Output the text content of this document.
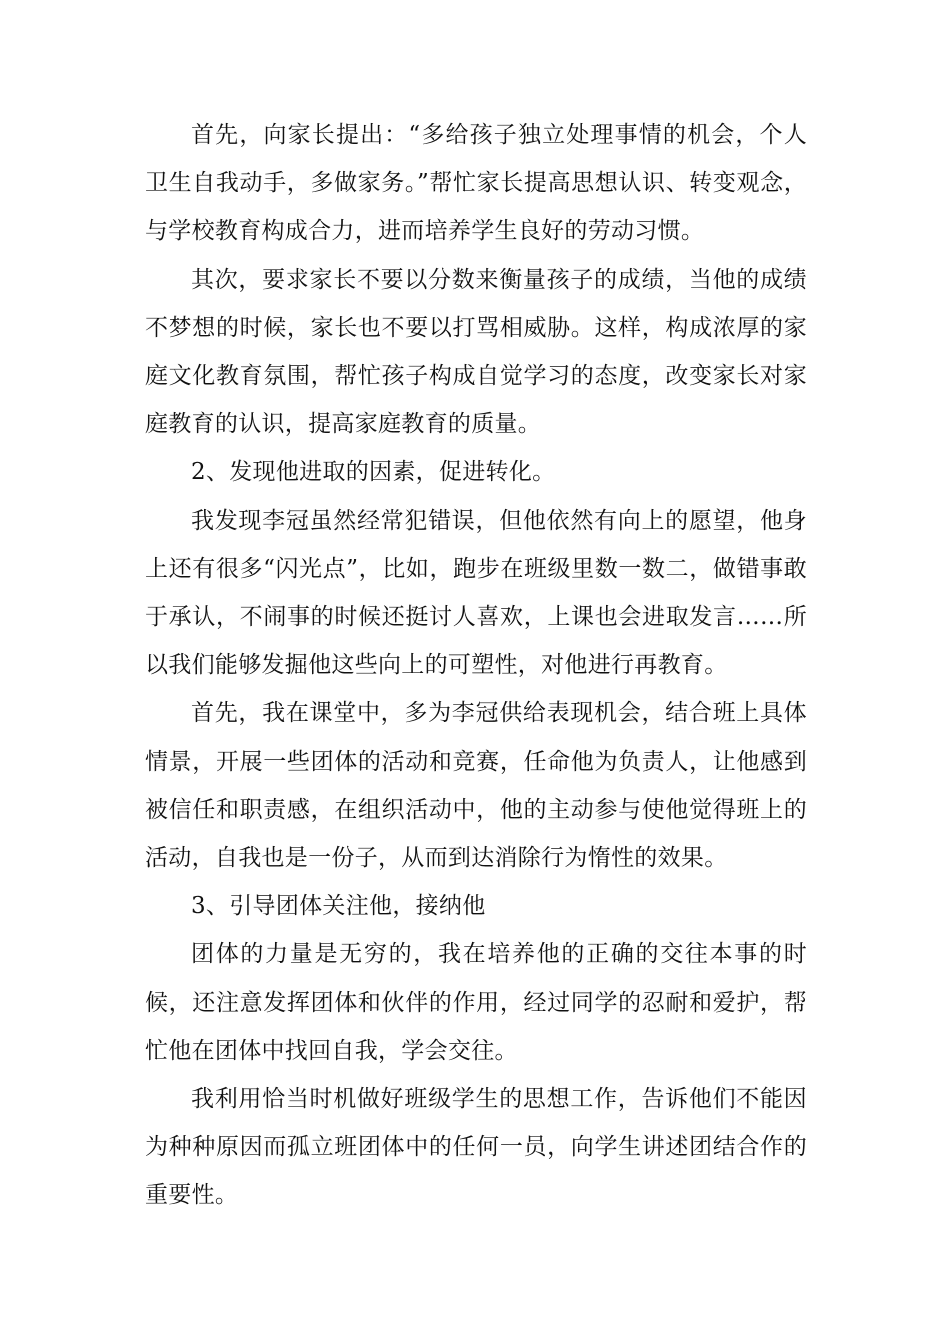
首先，向家长提出：“多给孩子独立处理事情的机会，个人卫生自我动手，多做家务。”帮忙家长提高思想认识、转变观念，与学校教育构成合力，进而培养学生良好的劳动习惯。

其次，要求家长不要以分数来衡量孩子的成绩，当他的成绩不梦想的时候，家长也不要以打骂相威胁。这样，构成浓厚的家庭文化教育氛围，帮忙孩子构成自觉学习的态度，改变家长对家庭教育的认识，提高家庭教育的质量。

2、发现他进取的因素，促进转化。

我发现李冠虽然经常犯错误，但他依然有向上的愿望，他身上还有很多“闪光点”，比如，跑步在班级里数一数二，做错事敢于承认，不闹事的时候还挺讨人喜欢，上课也会进取发言……所以我们能够发掘他这些向上的可塑性，对他进行再教育。

首先，我在课堂中，多为李冠供给表现机会，结合班上具体情景，开展一些团体的活动和竞赛，任命他为负责人，让他感到被信任和职责感，在组织活动中，他的主动参与使他觉得班上的活动，自我也是一份子，从而到达消除行为惰性的效果。

3、引导团体关注他，接纳他

团体的力量是无穷的，我在培养他的正确的交往本事的时候，还注意发挥团体和伙伴的作用，经过同学的忍耐和爱护，帮忙他在团体中找回自我，学会交往。

我利用恰当时机做好班级学生的思想工作，告诉他们不能因为种种原因而孤立班团体中的任何一员，向学生讲述团结合作的重要性。
